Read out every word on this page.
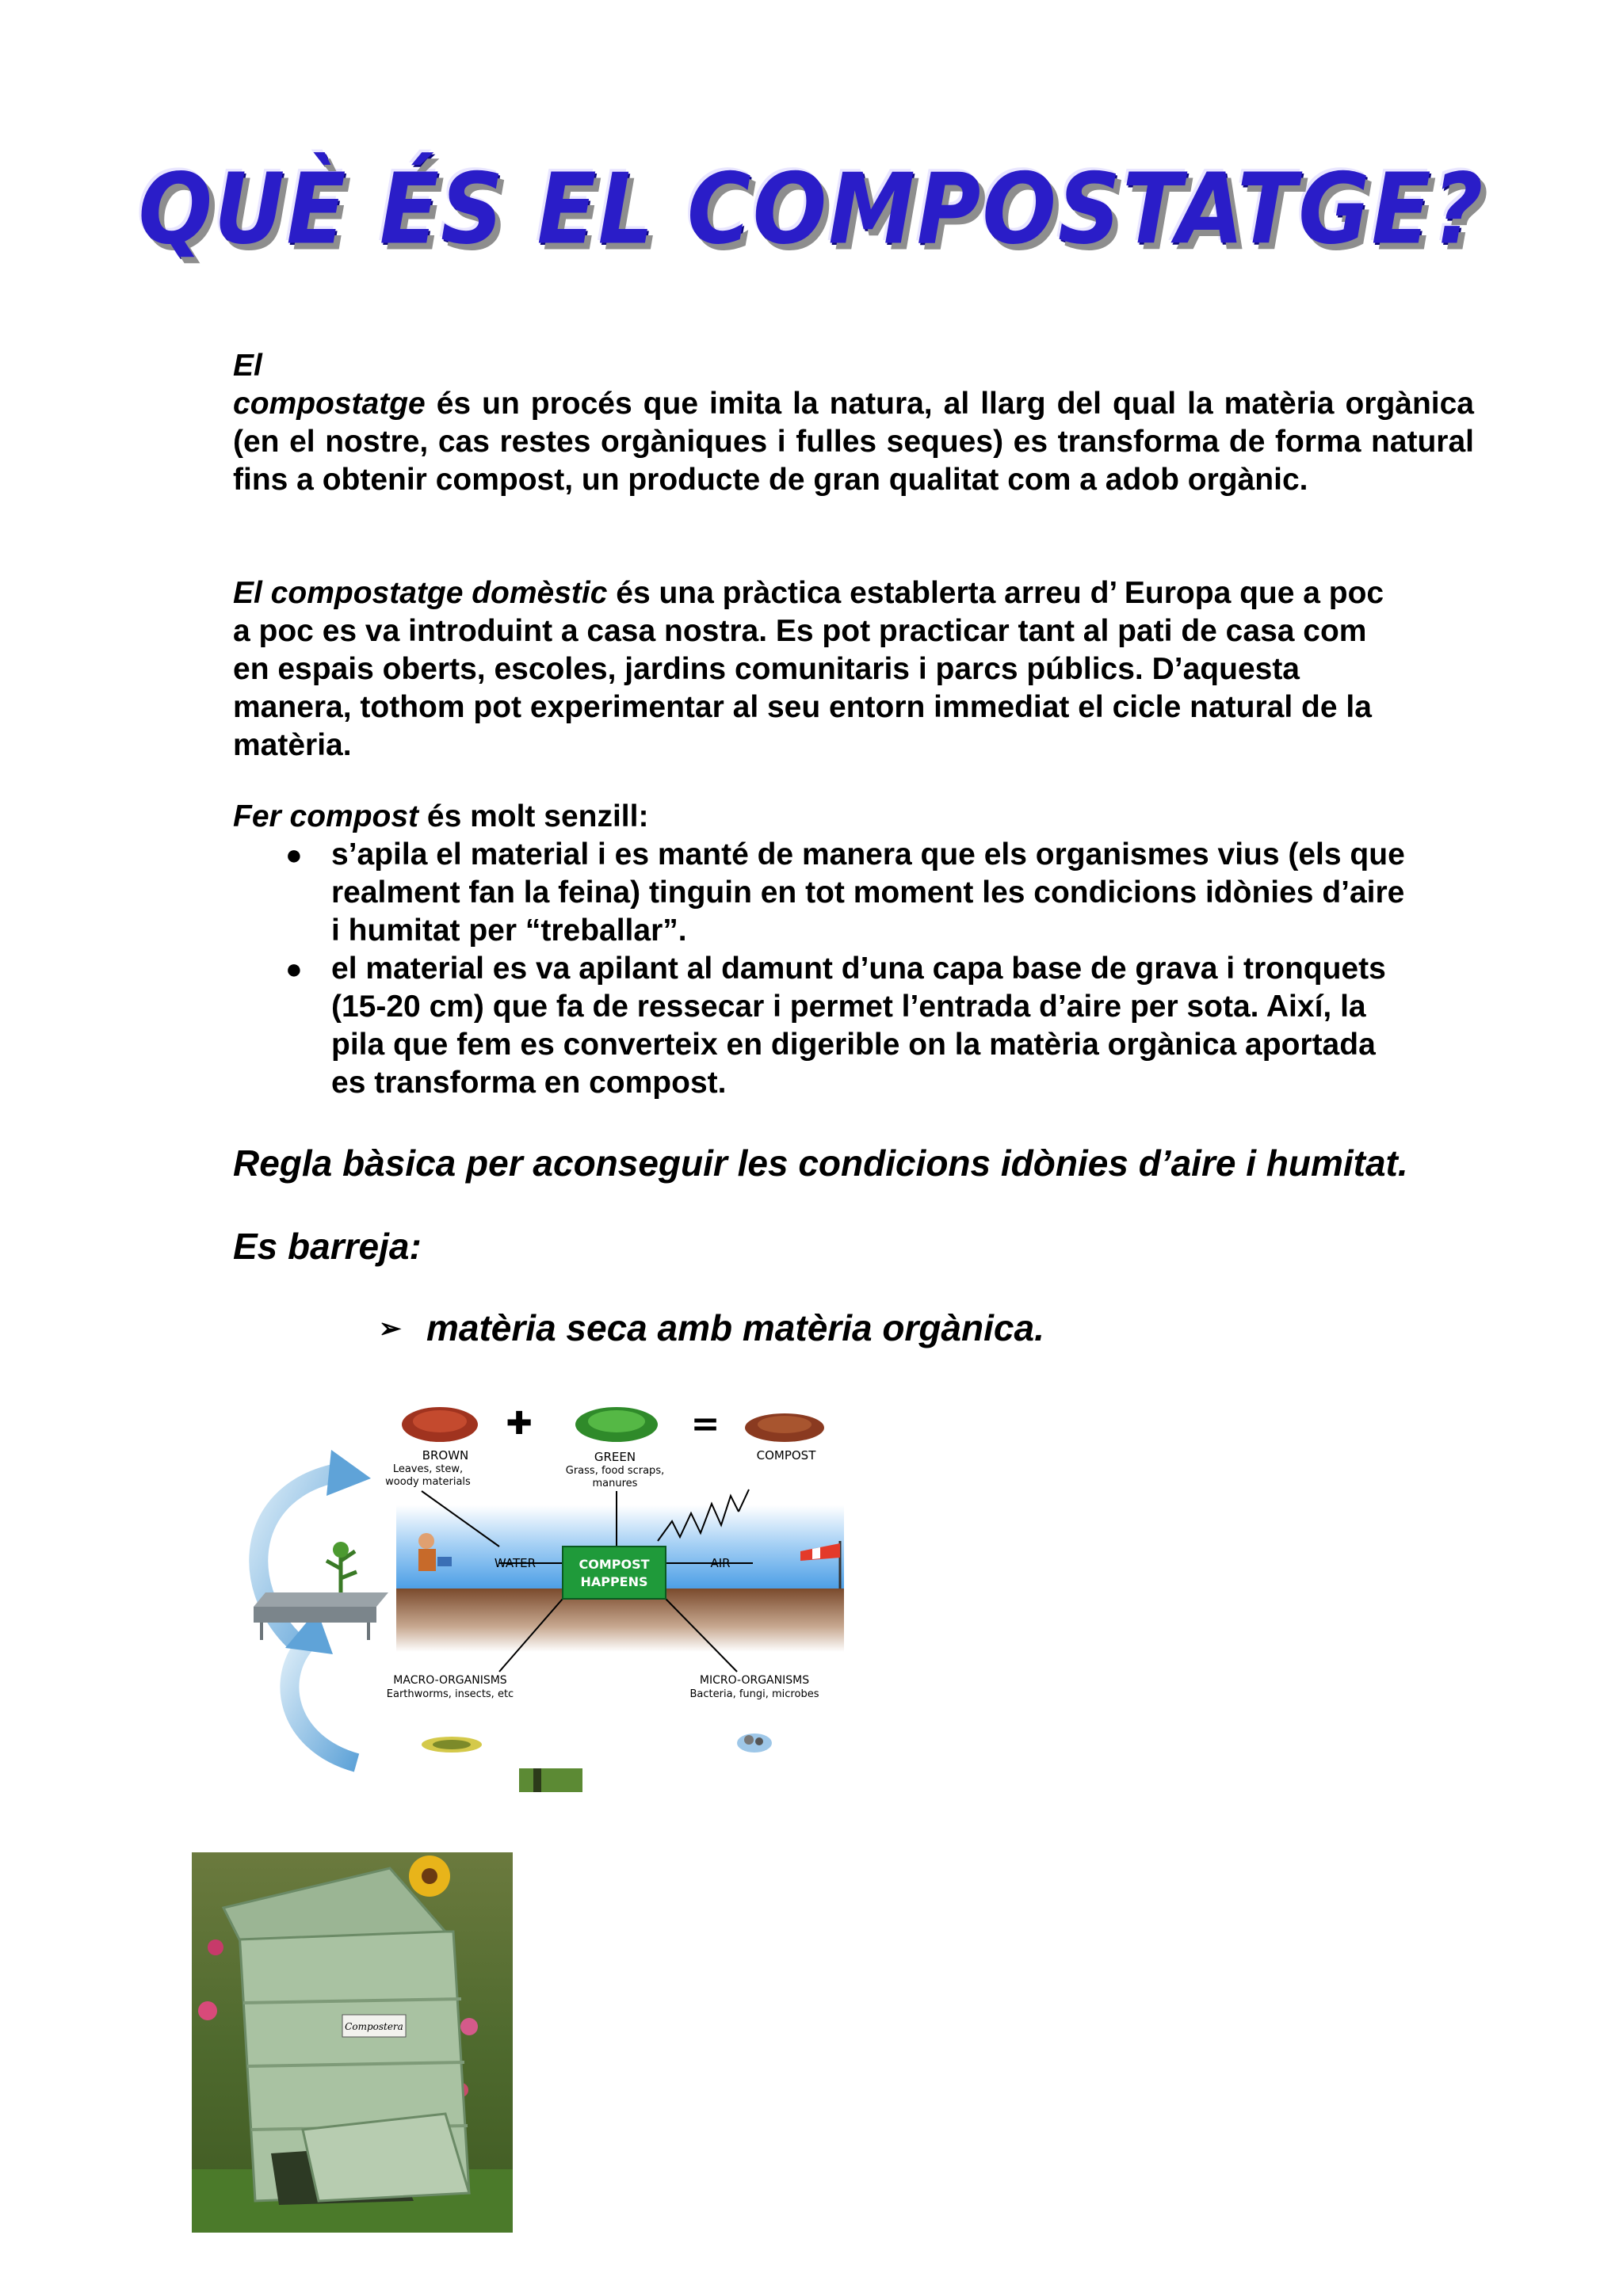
QUÈ ÉS EL COMPOSTATGE?
El
compostatge és un procés que imita la natura, al llarg del qual la matèria orgànica (en el nostre, cas restes orgàniques i fulles seques) es transforma de forma natural fins a obtenir compost, un producte de gran qualitat com a adob orgànic.
El compostatge domèstic és una pràctica establerta arreu d’ Europa que a poc
a poc es va introduint a casa nostra. Es pot practicar tant al pati de casa com
en espais oberts, escoles, jardins comunitaris i parcs públics. D’aquesta
manera, tothom pot experimentar al seu entorn immediat el cicle natural de la
matèria.
Fer compost és molt senzill:
● s’apila el material i es manté de manera que els organismes vius (els que
realment fan la feina) tinguin en tot moment les condicions idònies d’aire
i humitat per “treballar”.
● el material es va apilant al damunt d’una capa base de grava i tronquets
(15-20 cm) que fa de ressecar i permet l’entrada d’aire per sota. Així, la
pila que fem es converteix en digerible on la matèria orgànica aportada
es transforma en compost.
Regla bàsica per aconseguir les condicions idònies d’aire i humitat.
Es barreja:
➢ matèria seca amb matèria orgànica.
✚	=
BROWN
Leaves, stew,
woody materials
GREEN
Grass, food scraps,
manures
COMPOST
WATER	AIR
COMPOST
HAPPENS
MACRO-ORGANISMS
Earthworms, insects, etc
MICRO-ORGANISMS
Bacteria, fungi, microbes
Compostera
